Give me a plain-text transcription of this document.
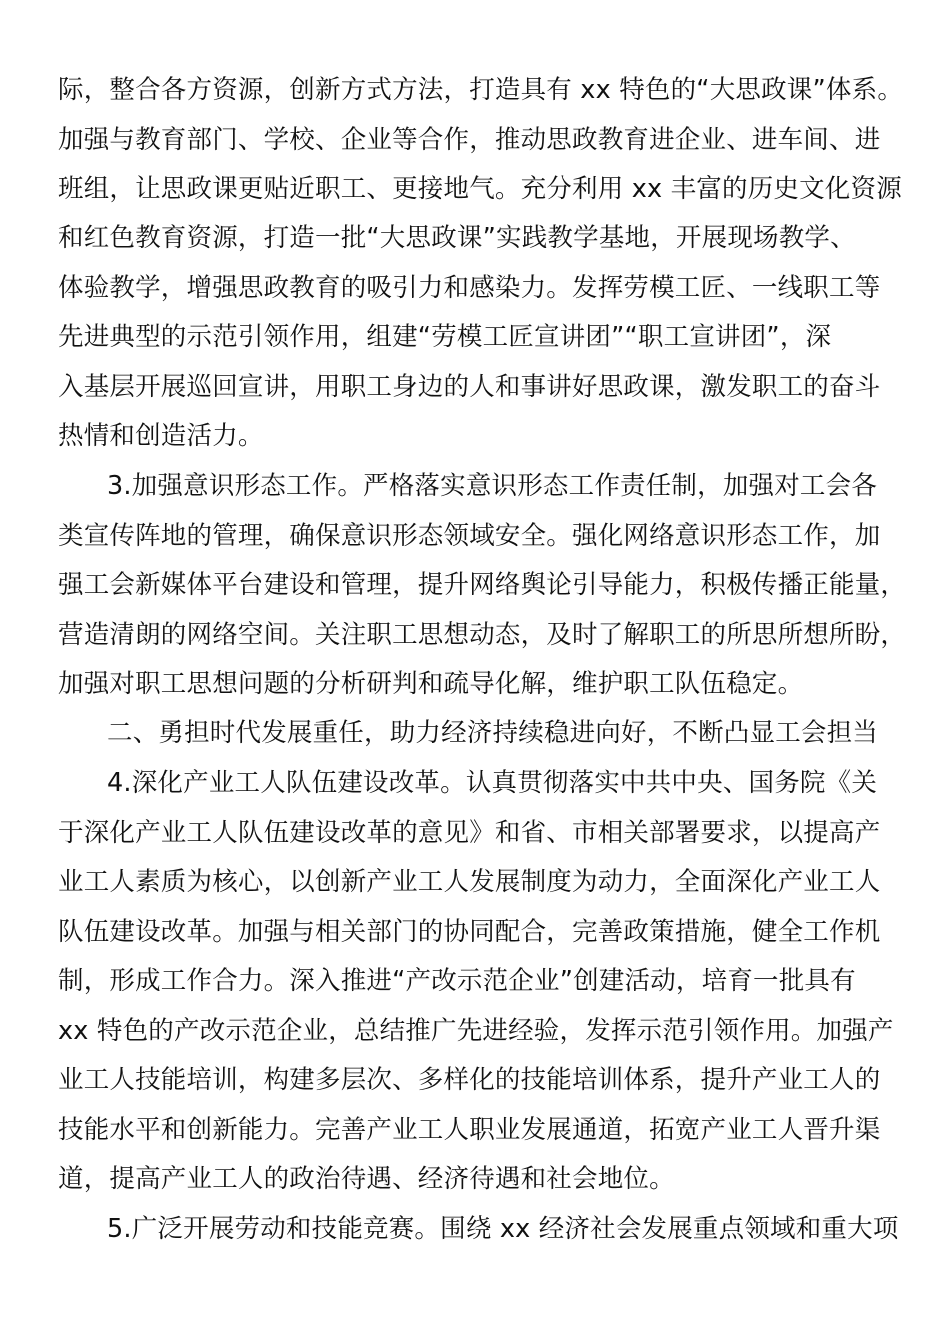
际，整合各方资源，创新方式方法，打造具有 xx 特色的“大思政课”体系。
加强与教育部门、学校、企业等合作，推动思政教育进企业、进车间、进
班组，让思政课更贴近职工、更接地气。充分利用 xx 丰富的历史文化资源
和红色教育资源，打造一批“大思政课”实践教学基地，开展现场教学、
体验教学，增强思政教育的吸引力和感染力。发挥劳模工匠、一线职工等
先进典型的示范引领作用，组建“劳模工匠宣讲团”“职工宣讲团”，深
入基层开展巡回宣讲，用职工身边的人和事讲好思政课，激发职工的奋斗
热情和创造活力。
3.加强意识形态工作。严格落实意识形态工作责任制，加强对工会各
类宣传阵地的管理，确保意识形态领域安全。强化网络意识形态工作，加
强工会新媒体平台建设和管理，提升网络舆论引导能力，积极传播正能量，
营造清朗的网络空间。关注职工思想动态，及时了解职工的所思所想所盼，
加强对职工思想问题的分析研判和疏导化解，维护职工队伍稳定。
二、勇担时代发展重任，助力经济持续稳进向好，不断凸显工会担当
4.深化产业工人队伍建设改革。认真贯彻落实中共中央、国务院《关
于深化产业工人队伍建设改革的意见》和省、市相关部署要求，以提高产
业工人素质为核心，以创新产业工人发展制度为动力，全面深化产业工人
队伍建设改革。加强与相关部门的协同配合，完善政策措施，健全工作机
制，形成工作合力。深入推进“产改示范企业”创建活动，培育一批具有
xx 特色的产改示范企业，总结推广先进经验，发挥示范引领作用。加强产
业工人技能培训，构建多层次、多样化的技能培训体系，提升产业工人的
技能水平和创新能力。完善产业工人职业发展通道，拓宽产业工人晋升渠
道，提高产业工人的政治待遇、经济待遇和社会地位。
5.广泛开展劳动和技能竞赛。围绕 xx 经济社会发展重点领域和重大项
